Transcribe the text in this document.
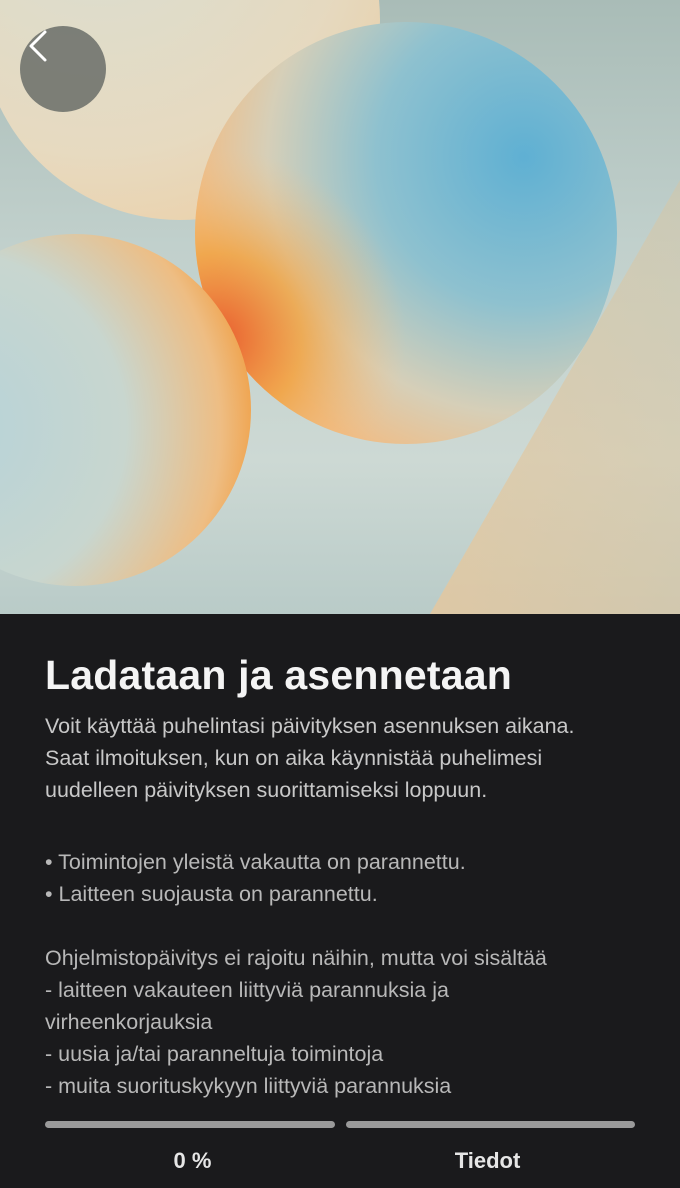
Ladataan ja asennetaan

Voit käyttää puhelintasi päivityksen asennuksen aikana.
Saat ilmoituksen, kun on aika käynnistää puhelimesi
uudelleen päivityksen suorittamiseksi loppuun.

• Toimintojen yleistä vakautta on parannettu.

• Laitteen suojausta on parannettu.

Ohjelmistopäivitys ei rajoitu näihin, mutta voi sisältää

- laitteen vakauteen liittyviä parannuksia ja

virheenkorjauksia

- uusia ja/tai paranneltuja toimintoja

- muita suorituskykyyn liittyviä parannuksia

0 %	Tiedot
